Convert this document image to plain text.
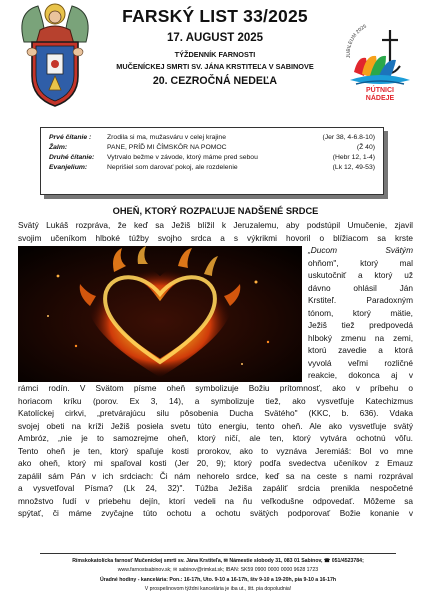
FARSKÝ LIST 33/2025
17. AUGUST 2025
TÝŽDENNÍK FARNOSTI
MUČENÍCKEJ SMRTI SV. JÁNA KRSTITEĽA V SABINOVE
20. CEZROČNÁ NEDEĽA
JUBILEUM 2025
PÚTNICI
NÁDEJE
Prvé čítanie :	Zrodila si ma, mužasváru v celej krajine	(Jer 38, 4-6.8-10)
Žalm:	PANE, PRÍĎ MI ČÍMSKÔR NA POMOC	(Ž 40)
Druhé čítanie:	Vytrvalo bežme v závode, ktorý máme pred sebou	(Hebr 12, 1-4)
Evanjelium:	Neprišiel som darovať pokoj, ale rozdelenie	(Lk 12, 49-53)
OHEŇ, KTORÝ ROZPAĽUJE NADŠENÉ SRDCE
Svätý Lukáš rozpráva, že keď sa Ježiš blížil k Jeruzalemu, aby podstúpil Umučenie, zjavil
svojim učeníkom hlboké túžby svojho srdca a s výkrikmi hovoril o blížiacom sa krste
„Ducom Svätým
ohňom", ktorý mal
uskutočniť a ktorý už
dávno ohlásil Ján
Krstiteľ. Paradoxným
tónom, ktorý mätie,
Ježiš tiež predpovedá
hlboký zmenu na zemi,
ktorú zavedie a ktorá
vyvolá veľmi rozličné
reakcie, dokonca aj v
rámci rodín. V Svätom písme oheň symbolizuje Božiu prítomnosť, ako v príbehu o
horiacom kríku (porov. Ex 3, 14), a symbolizuje tiež, ako vysvetľuje Katechizmus
Katolíckej cirkvi, „pretvárajúcu silu pôsobenia Ducha Svätého" (KKC, b. 636). Vdaka
svojej obeti na kríži Ježiš posiela svetu túto energiu, tento oheň. Ale ako vysvetľuje svätý
Ambróz, „nie je to samozrejme oheň, ktorý ničí, ale ten, ktorý vytvára ochotnú vôľu.
Tento oheň je ten, ktorý spaľuje kosti prorokov, ako to vyznáva Jeremiáš: Bol vo mne
ako oheň, ktorý mi spaľoval kosti (Jer 20, 9); ktorý podľa svedectva učeníkov z Emauz
zapálil sám Pán v ich srdciach: Či nám nehorelo srdce, keď sa na ceste s nami rozprával
a vysvetľoval Písma? (Lk 24, 32)". Túžba Ježiša zapáliť srdcia prenikla nespočetné
množstvo ľudí v priebehu dejín, ktorí vedeli na ňu veľkodušne odpovedať. Môžeme sa
spýtať, či máme zvyčajne túto ochotu a ochotu svätých podporovať Božie konanie v
Rímskokatolícka farnosť Mučeníckej smrti sv. Jána Krstiteľa, ✉ Námestie slobody 31, 083 01 Sabinov, ☎ 051/4523784;
www.farnostsabinov.sk; ✉ sabinov@rimkat.sk; IBAN: SK59 0900 0000 0000 9628 1723
Úradné hodiny - kancelária: Pon.: 16-17h, Uto. 9-10 a 16-17h, štv 9-10 a 19-20h, pia 9-10 a 16-17h
V prospešnovom týždni kancelária je iba ut., štt. pia dopoludnia!
